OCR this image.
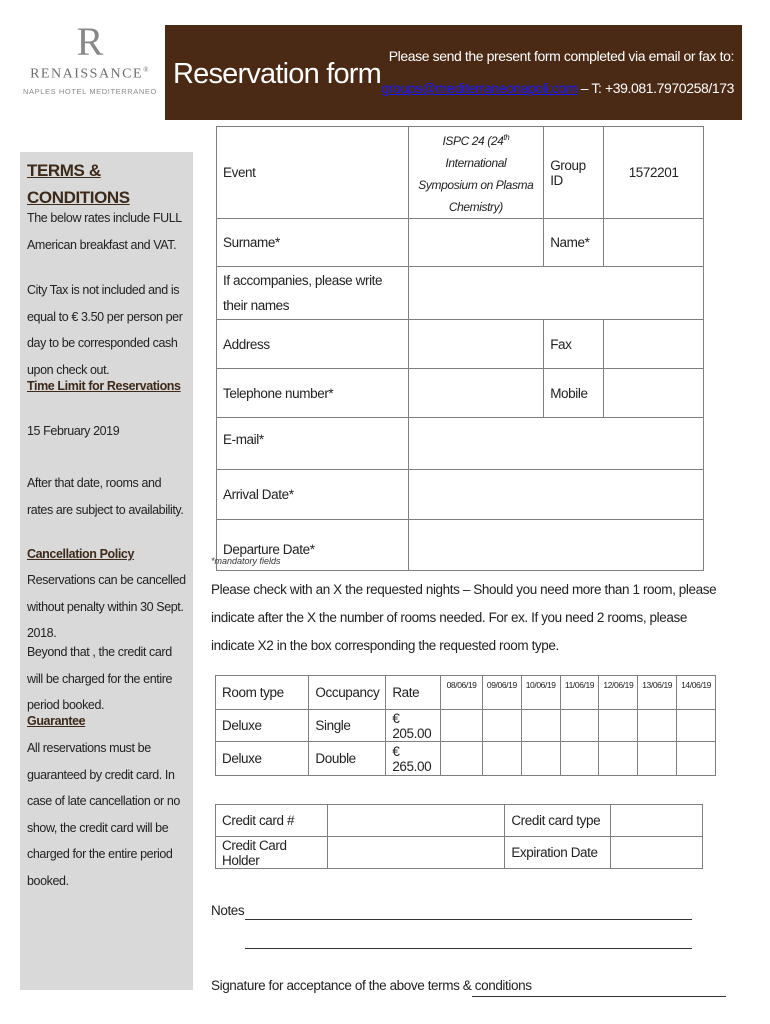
R
RENAISSANCE®
NAPLES HOTEL MEDITERRANEO
Reservation form
Please send the present form completed via email or fax to:
groups@mediterraneonapoli.com – T: +39.081.7970258/173
TERMS & CONDITIONS
The below rates include FULL American breakfast and VAT.
City Tax is not included and is equal to € 3.50 per person per day to be corresponded cash upon check out.
Time Limit for Reservations
15 February 2019
After that date, rooms and rates are subject to availability.
Cancellation Policy
Reservations can be cancelled without penalty within 30 Sept. 2018.
Beyond that , the credit card will be charged for the entire period booked.
Guarantee
All reservations must be guaranteed by credit card. In case of late cancellation or no show, the credit card will be charged for the entire period booked.
Event	ISPC 24 (24th International Symposium on Plasma Chemistry)	Group ID	1572201
Surname*		Name*	
If accompanies, please write their names			
Address		Fax	
Telephone number*		Mobile	
E-mail*			
Arrival Date*			
Departure Date*			
*mandatory fields
Please check with an X the requested nights – Should you need more than 1 room, please indicate after the X the number of rooms needed. For ex. If you need 2 rooms, please indicate X2 in the box corresponding the requested room type.
Room type	Occupancy	Rate	08/06/19	09/06/19	10/06/19	11/06/19	12/06/19	13/06/19	14/06/19
Deluxe	Single	€ 205.00							
Deluxe	Double	€ 265.00							
Credit card #		Credit card type	
Credit Card Holder		Expiration Date	
Notes
Signature for acceptance of the above terms & conditions
